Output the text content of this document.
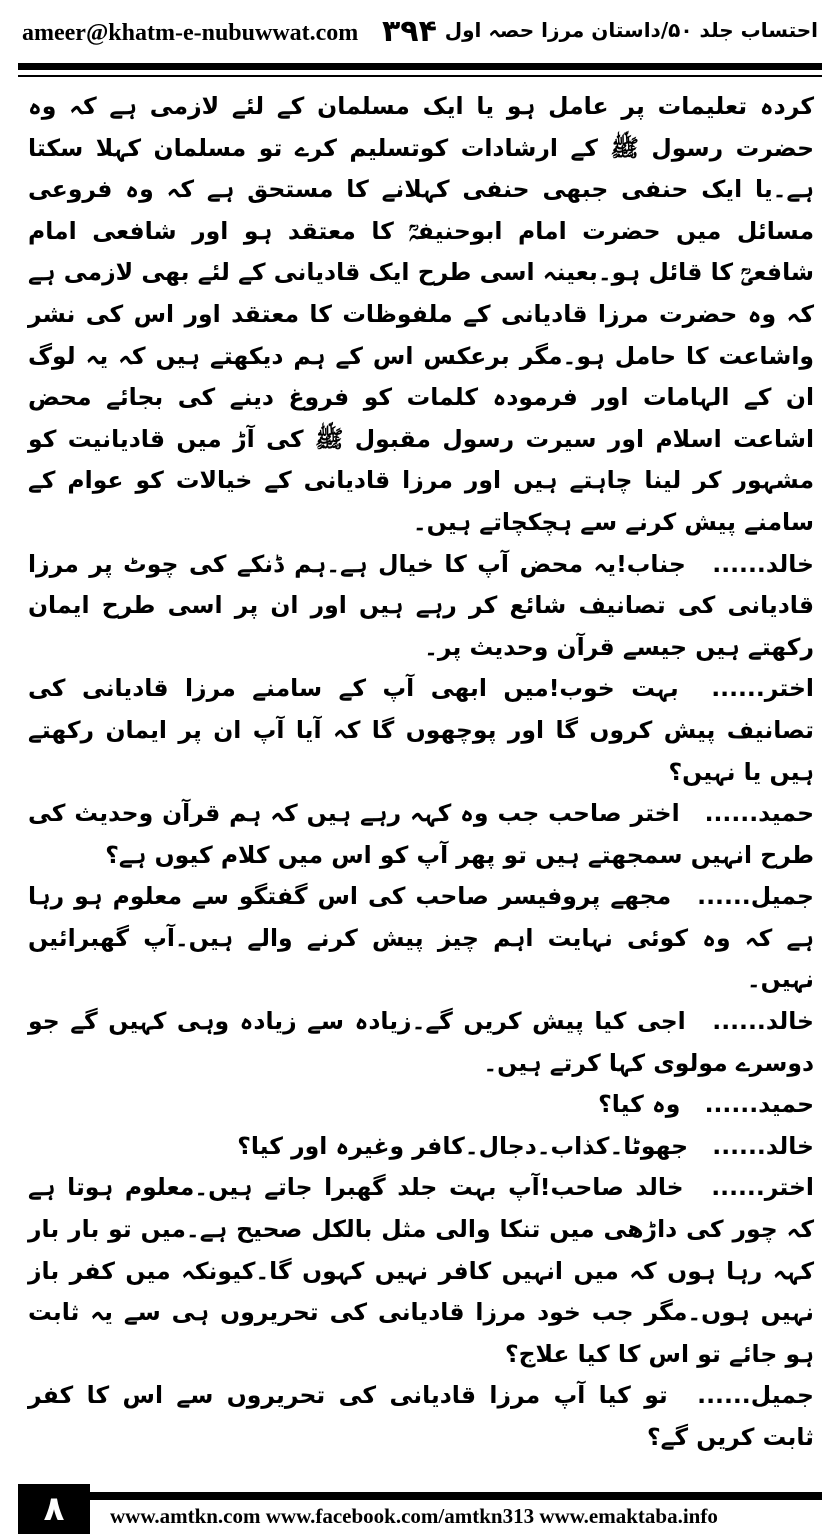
ameer@khatm-e-nubuwwat.com ۳۹۴ احتساب جلد ۵۰/داستان مرزا حصہ اول

کردہ تعلیمات پر عامل ہو یا ایک مسلمان کے لئے لازمی ہے کہ وہ حضرت رسول ﷺ کے ارشادات کوتسلیم کرے تو مسلمان کہلا سکتا ہے۔یا ایک حنفی جبھی حنفی کہلانے کا مستحق ہے کہ وہ فروعی مسائل میں حضرت امام ابوحنیفہؒ کا معتقد ہو اور شافعی امام شافعیؒ کا قائل ہو۔بعینہ اسی طرح ایک قادیانی کے لئے بھی لازمی ہے کہ وہ حضرت مرزا قادیانی کے ملفوظات کا معتقد اور اس کی نشر واشاعت کا حامل ہو۔مگر برعکس اس کے ہم دیکھتے ہیں کہ یہ لوگ ان کے الہامات اور فرمودہ کلمات کو فروغ دینے کی بجائے محض اشاعت اسلام اور سیرت رسول مقبول ﷺ کی آڑ میں قادیانیت کو مشہور کر لینا چاہتے ہیں اور مرزا قادیانی کے خیالات کو عوام کے سامنے پیش کرنے سے ہچکچاتے ہیں۔

خالد...... جناب!یہ محض آپ کا خیال ہے۔ہم ڈنکے کی چوٹ پر مرزا قادیانی کی تصانیف شائع کر رہے ہیں اور ان پر اسی طرح ایمان رکھتے ہیں جیسے قرآن وحدیث پر۔

اختر...... بہت خوب!میں ابھی آپ کے سامنے مرزا قادیانی کی تصانیف پیش کروں گا اور پوچھوں گا کہ آیا آپ ان پر ایمان رکھتے ہیں یا نہیں؟

حمید...... اختر صاحب جب وہ کہہ رہے ہیں کہ ہم قرآن وحدیث کی طرح انہیں سمجھتے ہیں تو پھر آپ کو اس میں کلام کیوں ہے؟

جمیل...... مجھے پروفیسر صاحب کی اس گفتگو سے معلوم ہو رہا ہے کہ وہ کوئی نہایت اہم چیز پیش کرنے والے ہیں۔آپ گھبرائیں نہیں۔

خالد...... اجی کیا پیش کریں گے۔زیادہ سے زیادہ وہی کہیں گے جو دوسرے مولوی کہا کرتے ہیں۔

حمید...... وہ کیا؟

خالد...... جھوٹا۔کذاب۔دجال۔کافر وغیرہ اور کیا؟

اختر...... خالد صاحب!آپ بہت جلد گھبرا جاتے ہیں۔معلوم ہوتا ہے کہ چور کی داڑھی میں تنکا والی مثل بالکل صحیح ہے۔میں تو بار بار کہہ رہا ہوں کہ میں انہیں کافر نہیں کہوں گا۔کیونکہ میں کفر باز نہیں ہوں۔مگر جب خود مرزا قادیانی کی تحریروں ہی سے یہ ثابت ہو جائے تو اس کا کیا علاج؟

جمیل...... تو کیا آپ مرزا قادیانی کی تحریروں سے اس کا کفر ثابت کریں گے؟

۸	www.amtkn.com www.facebook.com/amtkn313 www.emaktaba.info
